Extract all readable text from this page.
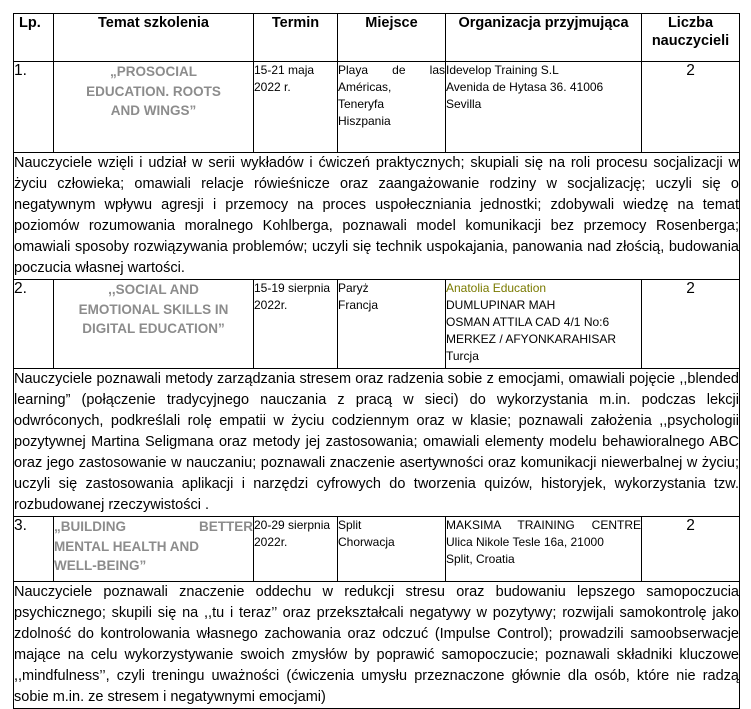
Lp.	Temat szkolenia	Termin	Miejsce	Organizacja przyjmująca	Liczba nauczycieli
1.	„PROSOCIAL
EDUCATION. ROOTS
AND WINGS”	15-21 maja 2022 r.	Playa de las Américas,
Teneryfa
Hiszpania	Idevelop Training S.L
Avenida de Hytasa 36. 41006
Sevilla	2
Nauczyciele wzięli i udział w serii wykładów i ćwiczeń praktycznych; skupiali się na roli procesu socjalizacji w życiu człowieka; omawiali relacje rówieśnicze oraz zaangażowanie rodziny w socjalizację; uczyli się o negatywnym wpływu agresji i przemocy na proces uspołeczniania jednostki; zdobywali wiedzę na temat poziomów rozumowania moralnego Kohlberga, poznawali model komunikacji bez przemocy Rosenberga; omawiali sposoby rozwiązywania problemów; uczyli się technik uspokajania, panowania nad złością, budowania poczucia własnej wartości.					
2.	,,SOCIAL AND
EMOTIONAL SKILLS IN
DIGITAL EDUCATION”	15-19 sierpnia 2022r.	Paryż
Francja	Anatolia Education
DUMLUPINAR MAH
OSMAN ATTILA CAD 4/1 No:6
MERKEZ / AFYONKARAHISAR
Turcja	2
Nauczyciele poznawali metody zarządzania stresem oraz radzenia sobie z emocjami, omawiali pojęcie ,,blended learning” (połączenie tradycyjnego nauczania z pracą w sieci) do wykorzystania m.in. podczas lekcji odwróconych, podkreślali rolę empatii w życiu codziennym oraz w klasie; poznawali założenia ,,psychologii pozytywnej Martina Seligmana oraz metody jej zastosowania; omawiali elementy modelu behawioralnego ABC oraz jego zastosowanie w nauczaniu; poznawali znaczenie asertywności oraz komunikacji niewerbalnej w życiu; uczyli się zastosowania aplikacji i narzędzi cyfrowych do tworzenia quizów, historyjek, wykorzystania tzw. rozbudowanej rzeczywistości .					
3.	„BUILDING BETTER
MENTAL HEALTH AND
WELL-BEING”	20-29 sierpnia 2022r.	Split
Chorwacja	MAKSIMA TRAINING CENTRE
Ulica Nikole Tesle 16a, 21000
Split, Croatia	2
Nauczyciele poznawali znaczenie oddechu w redukcji stresu oraz budowaniu lepszego samopoczucia psychicznego; skupili się na ,,tu i teraz’’ oraz przekształcali negatywy w pozytywy; rozwijali samokontrolę jako zdolność do kontrolowania własnego zachowania oraz odczuć (Impulse Control); prowadzili samoobserwacje mające na celu wykorzystywanie swoich zmysłów by poprawić samopoczucie; poznawali składniki kluczowe ,,mindfulness’’, czyli treningu uważności (ćwiczenia umysłu przeznaczone głównie dla osób, które nie radzą sobie m.in. ze stresem i negatywnymi emocjami)					
